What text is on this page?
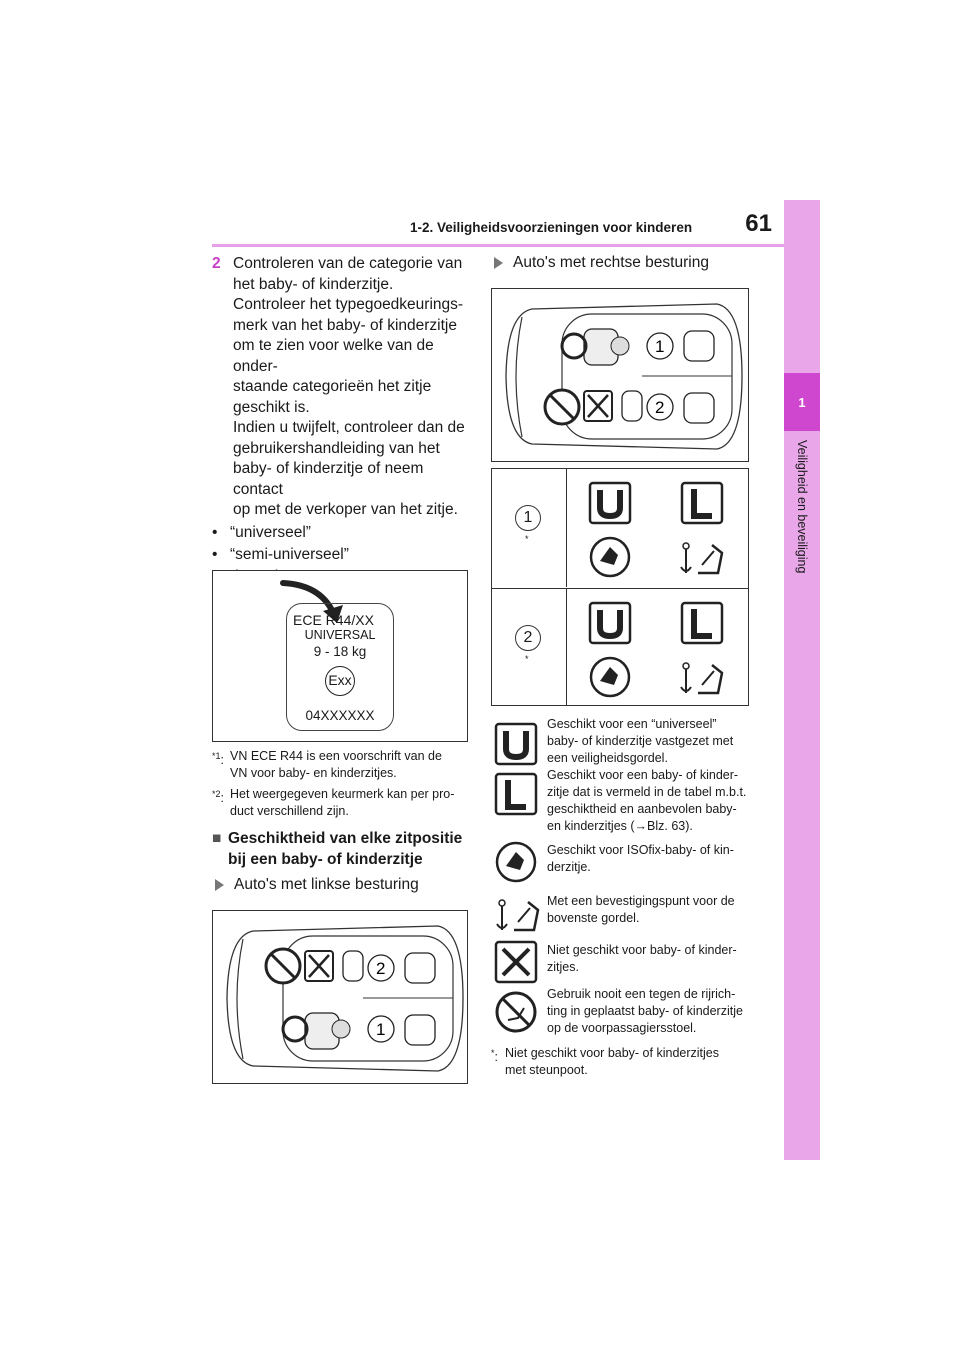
61
1-2. Veiligheidsvoorzieningen voor kinderen
1
Veiligheid en beveiliging
2 Controleren van de categorie van
het baby- of kinderzitje.
Controleer het typegoedkeurings-
merk van het baby- of kinderzitje
om te zien voor welke van de onder-
staande categorieën het zitje
geschikt is.
Indien u twijfelt, controleer dan de
gebruikershandleiding van het
baby- of kinderzitje of neem contact
op met de verkoper van het zitje.
• “universeel”
• “semi-universeel”
ECE R44/XX
UNIVERSAL
9 - 18 kg
Exx
04XXXXXX
$^{*1}$: VN ECE R44 is een voorschrift van de
VN voor baby- en kinderzitjes.
$^{*2}$: Het weergegeven keurmerk kan per pro-
duct verschillend zijn.
■ Geschiktheid van elke zitpositie
bij een baby- of kinderzitje
Auto's met linkse besturing
Auto's met rechtse besturing
2
1
1
2
1
*
2
*
Geschikt voor een “universeel”
baby- of kinderzitje vastgezet met
een veiligheidsgordel.
Geschikt voor een baby- of kinder-
zitje dat is vermeld in de tabel m.b.t.
geschiktheid en aanbevolen baby-
en kinderzitjes (→Blz. 63).
Geschikt voor ISOfix-baby- of kin-
derzitje.
Met een bevestigingspunt voor de
bovenste gordel.
Niet geschikt voor baby- of kinder-
zitjes.
Gebruik nooit een tegen de rijrich-
ting in geplaatst baby- of kinderzitje
op de voorpassagiersstoel.
*: Niet geschikt voor baby- of kinderzitjes
met steunpoot.
